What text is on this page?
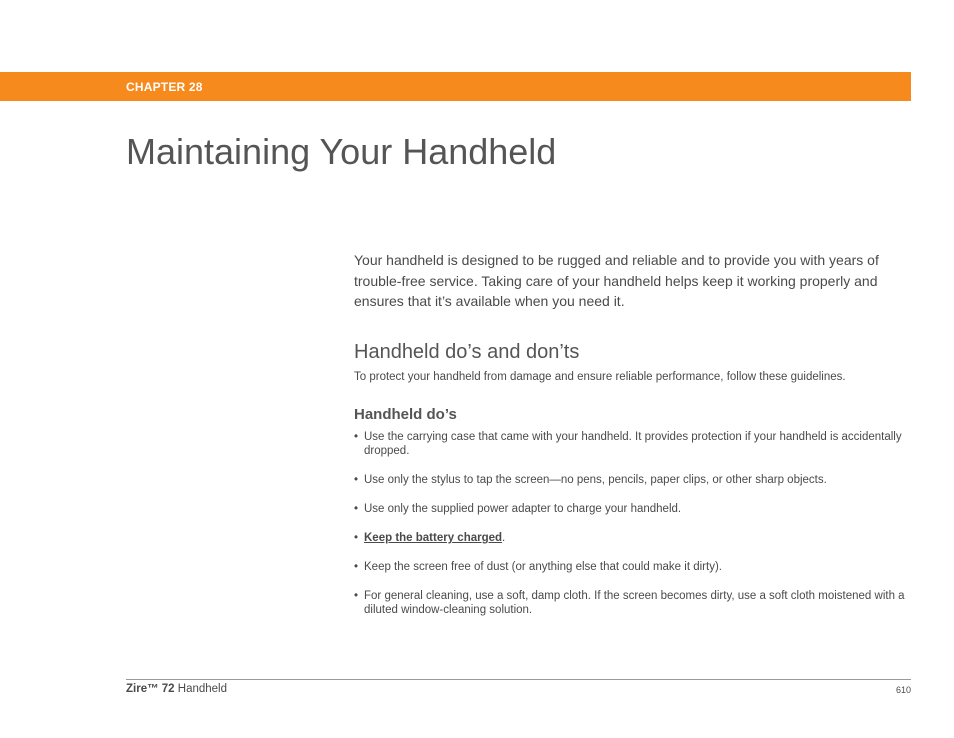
CHAPTER 28
Maintaining Your Handheld

Your handheld is designed to be rugged and reliable and to provide you with years of trouble-free service. Taking care of your handheld helps keep it working properly and ensures that it’s available when you need it.

Handheld do’s and don’ts

To protect your handheld from damage and ensure reliable performance, follow these guidelines.

Handheld do’s
• Use the carrying case that came with your handheld. It provides protection if your handheld is accidentally dropped.
• Use only the stylus to tap the screen—no pens, pencils, paper clips, or other sharp objects.
• Use only the supplied power adapter to charge your handheld.
• Keep the battery charged.
• Keep the screen free of dust (or anything else that could make it dirty).
• For general cleaning, use a soft, damp cloth. If the screen becomes dirty, use a soft cloth moistened with a diluted window-cleaning solution.
Zire™ 72 Handheld	610
